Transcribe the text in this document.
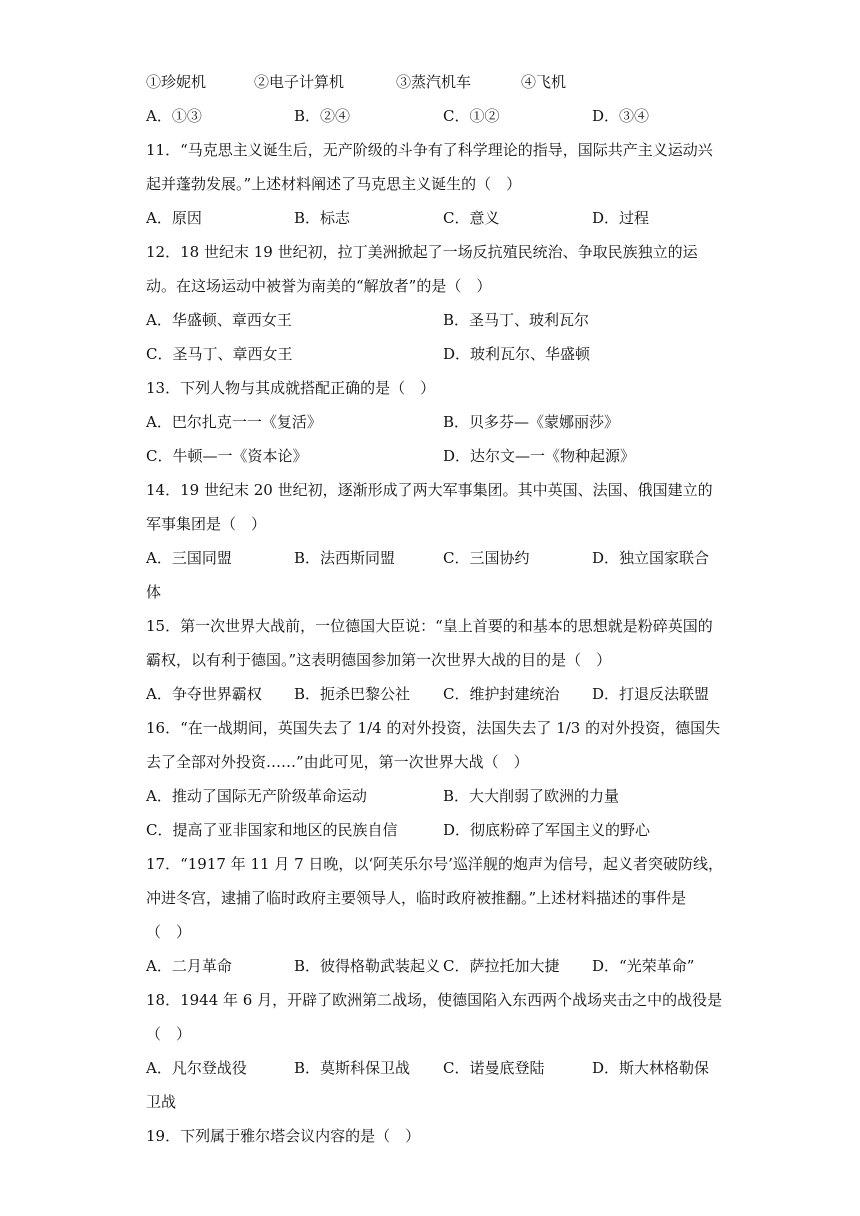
①珍妮机	②电子计算机	③蒸汽机车	④飞机
A．①③	B．②④	C．①②	D．③④
11．“马克思主义诞生后，无产阶级的斗争有了科学理论的指导，国际共产主义运动兴
起并蓬勃发展。”上述材料阐述了马克思主义诞生的（　）
A．原因	B．标志	C．意义	D．过程
12．18 世纪末 19 世纪初，拉丁美洲掀起了一场反抗殖民统治、争取民族独立的运
动。在这场运动中被誉为南美的“解放者”的是（　）
A．华盛顿、章西女王	B．圣马丁、玻利瓦尔
C．圣马丁、章西女王	D．玻利瓦尔、华盛顿
13．下列人物与其成就搭配正确的是（　）
A．巴尔扎克一一《复活》	B．贝多芬—《蒙娜丽莎》
C．牛顿—一《资本论》	D．达尔文—一《物种起源》
14．19 世纪末 20 世纪初，逐渐形成了两大军事集团。其中英国、法国、俄国建立的
军事集团是（　）
A．三国同盟	B．法西斯同盟	C．三国协约	D．独立国家联合
体
15．第一次世界大战前，一位德国大臣说：“皇上首要的和基本的思想就是粉碎英国的
霸权，以有利于德国。”这表明德国参加第一次世界大战的目的是（　）
A．争夺世界霸权 B．扼杀巴黎公社 C．维护封建统治 D．打退反法联盟
16．“在一战期间，英国失去了 1/4 的对外投资，法国失去了 1/3 的对外投资，德国失
去了全部对外投资……”由此可见，第一次世界大战（　）
A．推动了国际无产阶级革命运动	B．大大削弱了欧洲的力量
C．提高了亚非国家和地区的民族自信	D．彻底粉碎了军国主义的野心
17．“1917 年 11 月 7 日晚，以‘阿芙乐尔号’巡洋舰的炮声为信号，起义者突破防线，
冲进冬宫，逮捕了临时政府主要领导人，临时政府被推翻。”上述材料描述的事件是
（　）
A．二月革命	B．彼得格勒武装起义 C．萨拉托加大捷 D．“光荣革命”
18．1944 年 6 月，开辟了欧洲第二战场，使德国陷入东西两个战场夹击之中的战役是
（　）
A．凡尔登战役	B．莫斯科保卫战 C．诺曼底登陆	D．斯大林格勒保
卫战
19．下列属于雅尔塔会议内容的是（　）
